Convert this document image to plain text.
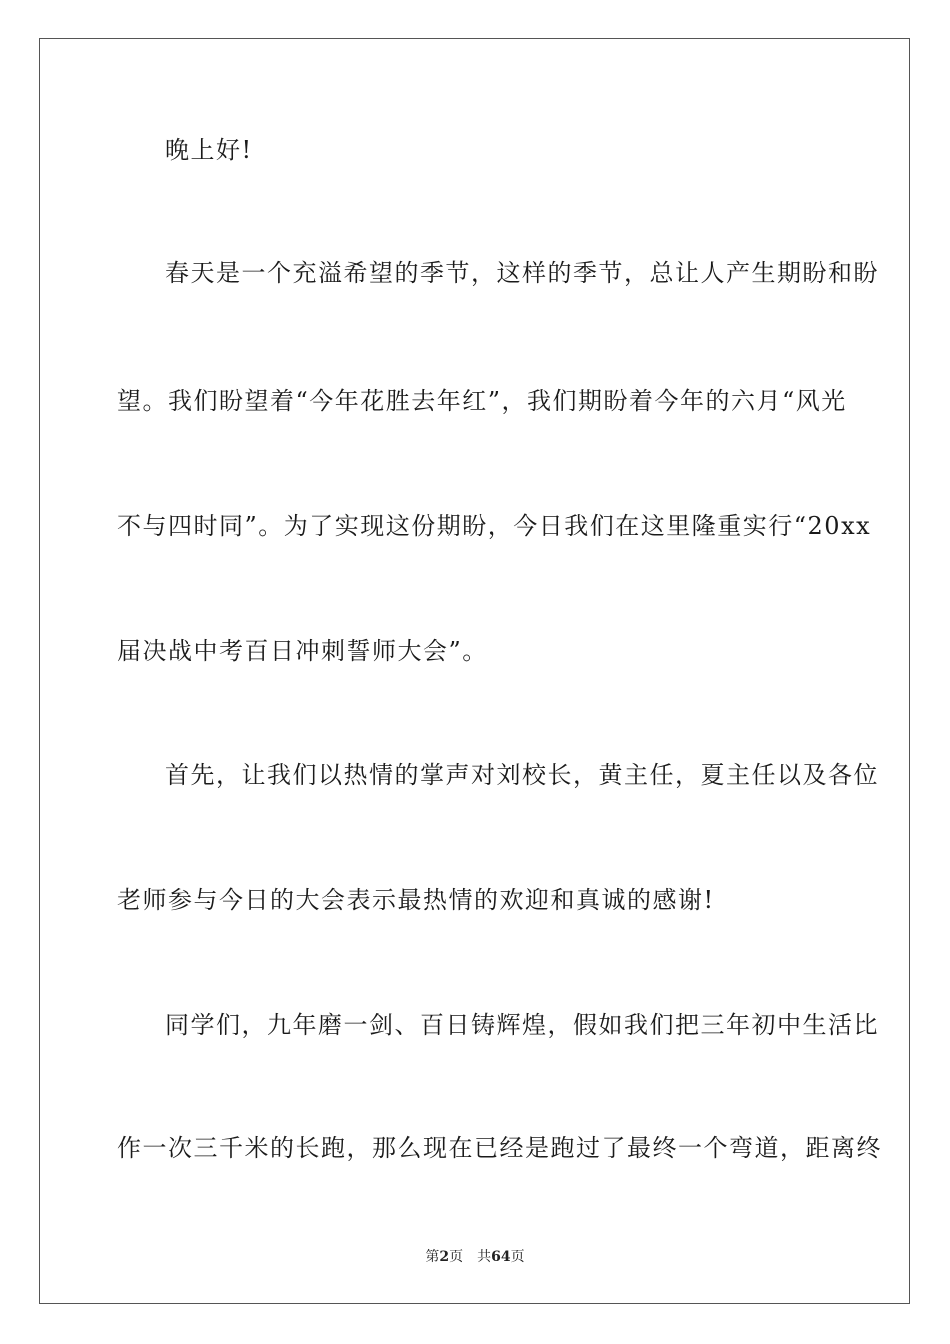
晚上好!
春天是一个充溢希望的季节，这样的季节，总让人产生期盼和盼
望。我们盼望着“今年花胜去年红”，我们期盼着今年的六月“风光
不与四时同”。为了实现这份期盼，今日我们在这里隆重实行“20xx
届决战中考百日冲刺誓师大会”。
首先，让我们以热情的掌声对刘校长，黄主任，夏主任以及各位
老师参与今日的大会表示最热情的欢迎和真诚的感谢!
同学们，九年磨一剑、百日铸辉煌，假如我们把三年初中生活比
作一次三千米的长跑，那么现在已经是跑过了最终一个弯道，距离终
第2页 共64页
